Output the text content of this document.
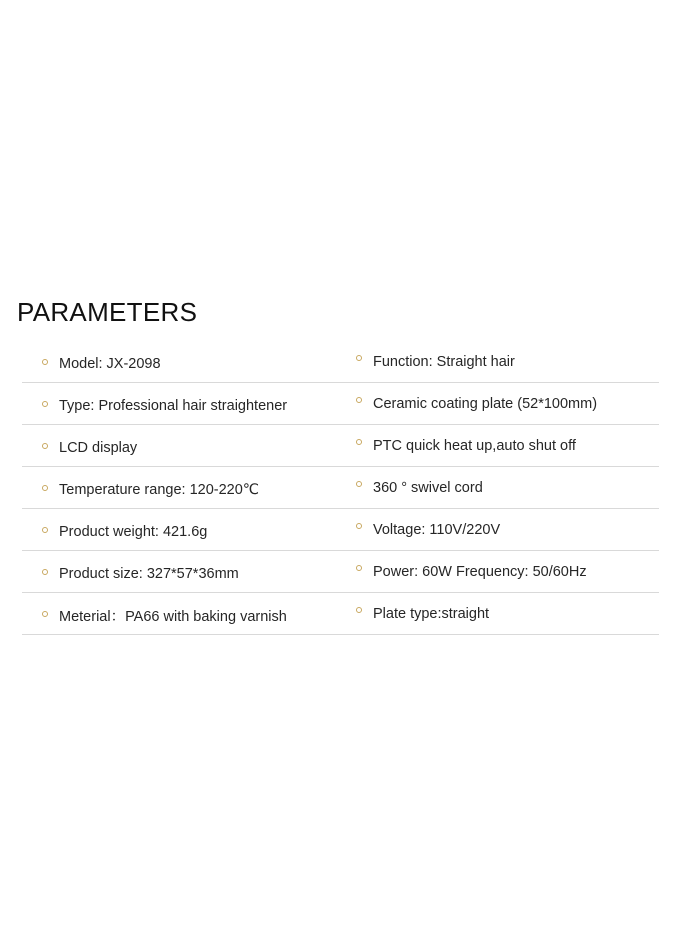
PARAMETERS
Model: JX-2098	Function: Straight hair
Type: Professional hair straightener	Ceramic coating plate (52*100mm)
LCD display	PTC quick heat up,auto shut off
Temperature range: 120-220℃	360 ° swivel cord
Product weight: 421.6g	Voltage: 110V/220V
Product size: 327*57*36mm	Power: 60W Frequency: 50/60Hz
Meterial：PA66 with baking varnish	Plate type:straight
